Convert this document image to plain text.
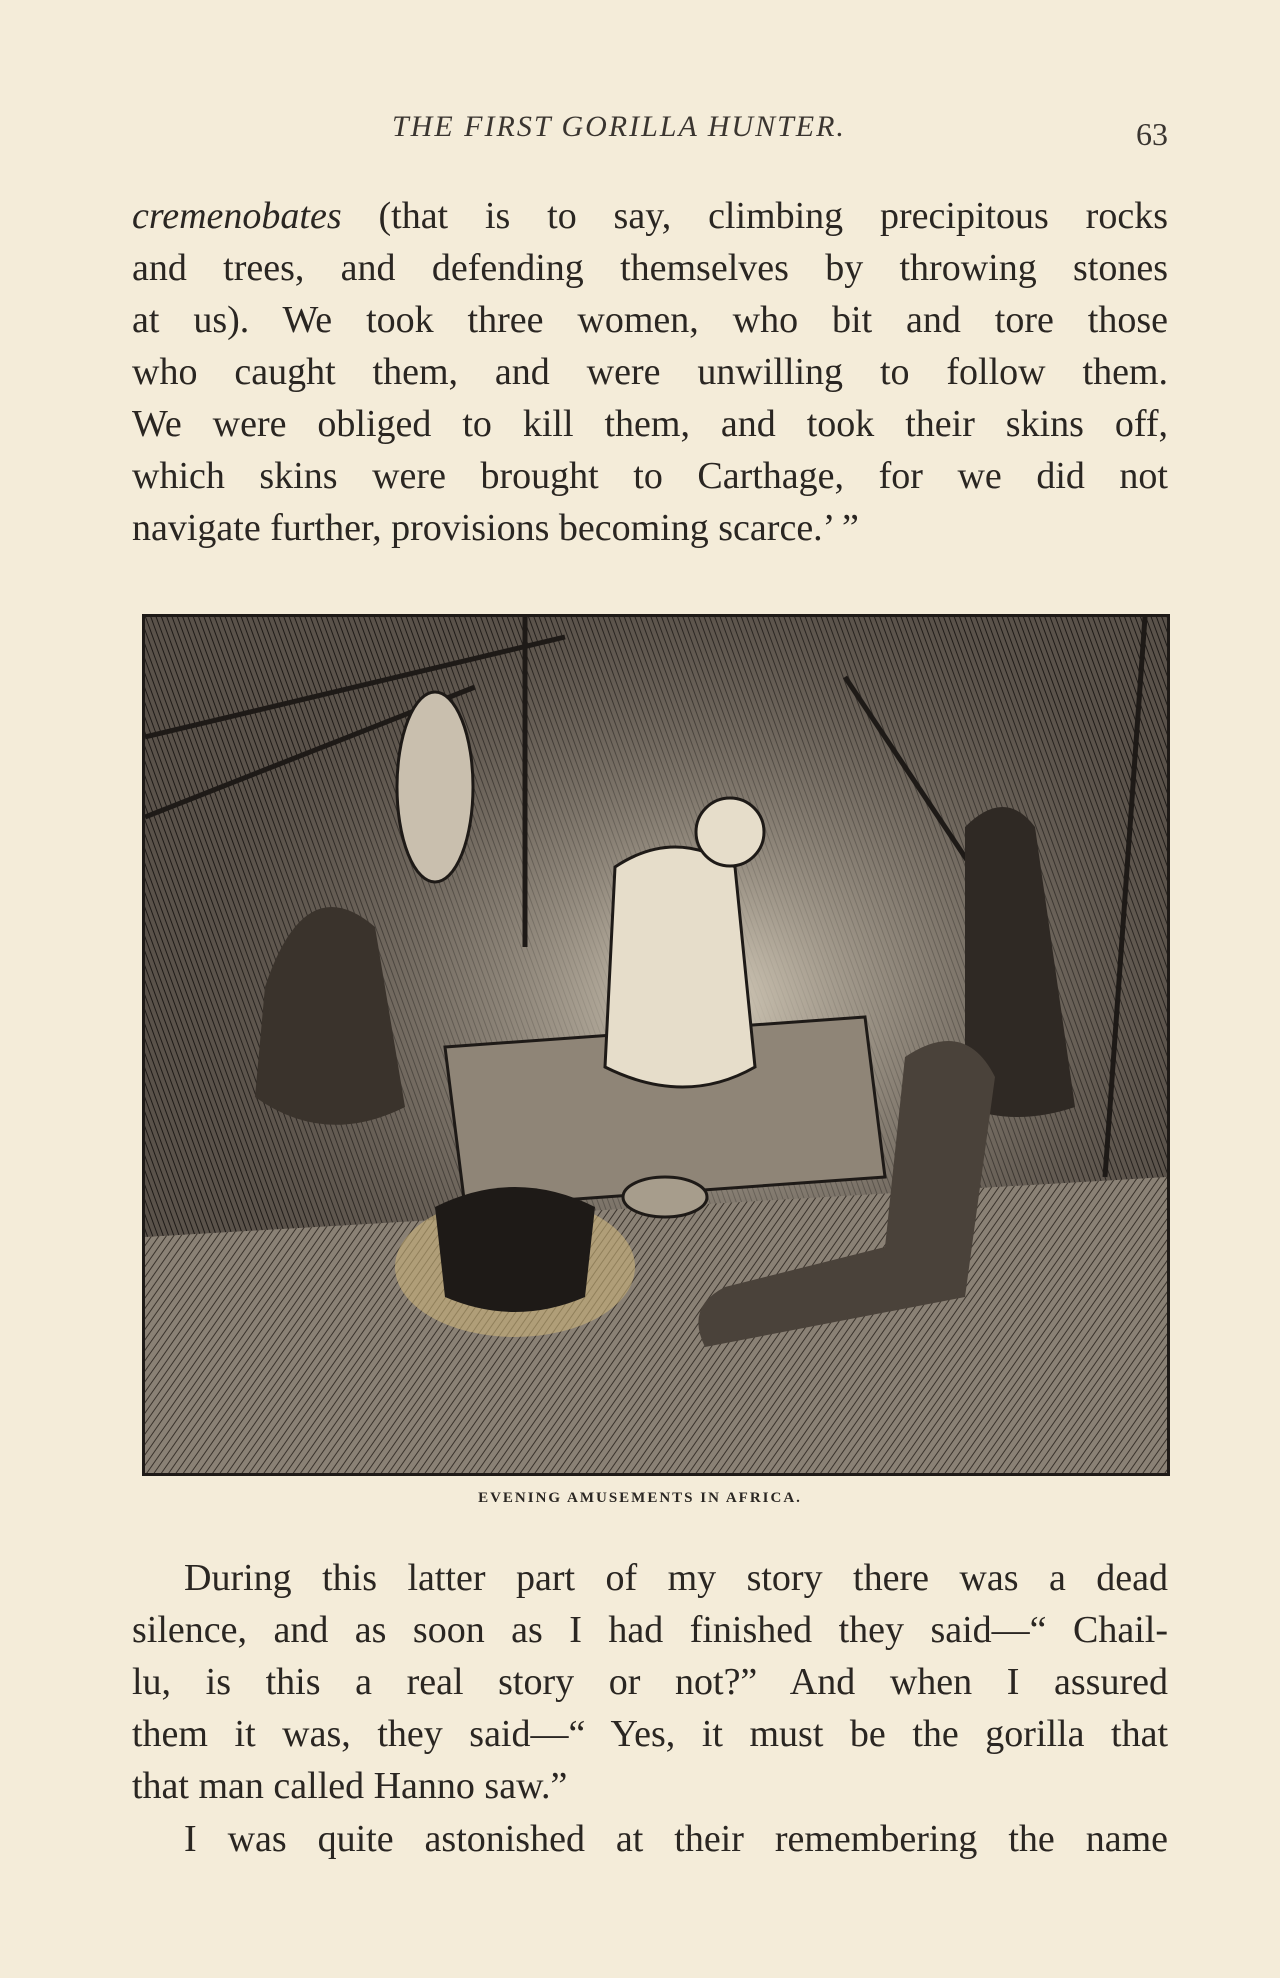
THE FIRST GORILLA HUNTER.	63
cremenobates (that is to say, climbing precipitous rocks
and trees, and defending themselves by throwing stones
at us). We took three women, who bit and tore those
who caught them, and were unwilling to follow them.
We were obliged to kill them, and took their skins off,
which skins were brought to Carthage, for we did not
navigate further, provisions becoming scarce.’ ”
EVENING AMUSEMENTS IN AFRICA.
During this latter part of my story there was a dead
silence, and as soon as I had finished they said—“ Chail-
lu, is this a real story or not?” And when I assured
them it was, they said—“ Yes, it must be the gorilla that
that man called Hanno saw.”
I was quite astonished at their remembering the name
